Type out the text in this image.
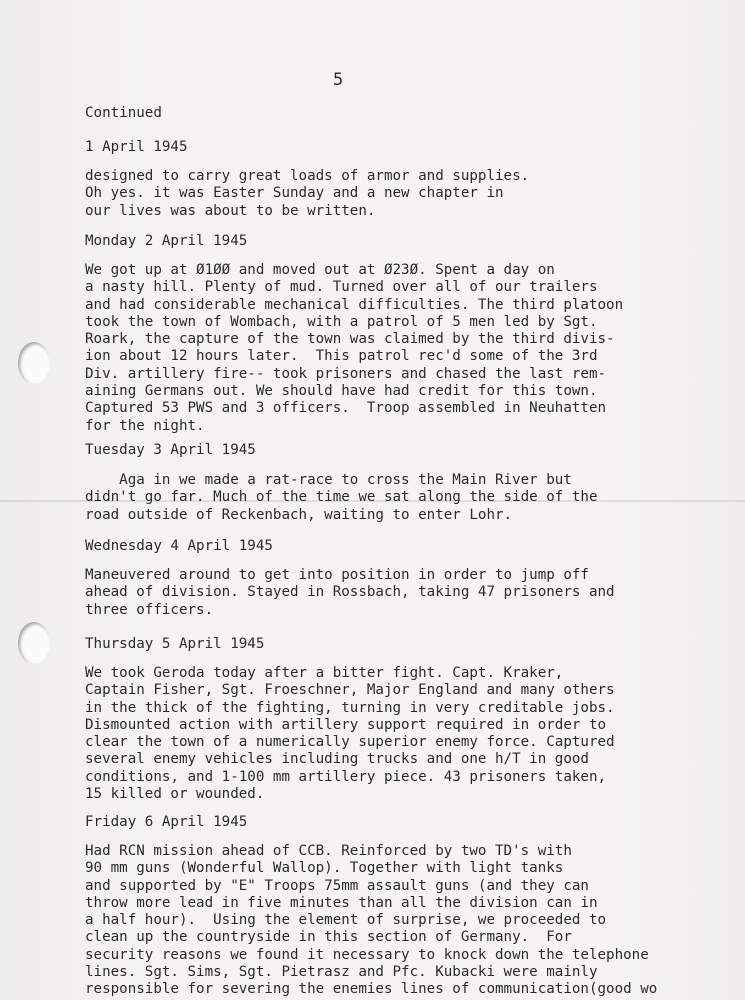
5
Continued
1 April 1945
designed to carry great loads of armor and supplies.
Oh yes. it was Easter Sunday and a new chapter in
our lives was about to be written.
Monday 2 April 1945
We got up at Ø1ØØ and moved out at Ø23Ø. Spent a day on
a nasty hill. Plenty of mud. Turned over all of our trailers
and had considerable mechanical difficulties. The third platoon
took the town of Wombach, with a patrol of 5 men led by Sgt.
Roark, the capture of the town was claimed by the third divis-
ion about 12 hours later.  This patrol rec'd some of the 3rd
Div. artillery fire-- took prisoners and chased the last rem-
aining Germans out. We should have had credit for this town.
Captured 53 PWS and 3 officers.  Troop assembled in Neuhatten
for the night.
Tuesday 3 April 1945
Aga in we made a rat-race to cross the Main River but
didn't go far. Much of the time we sat along the side of the
road outside of Reckenbach, waiting to enter Lohr.
Wednesday 4 April 1945
Maneuvered around to get into position in order to jump off
ahead of division. Stayed in Rossbach, taking 47 prisoners and
three officers.
Thursday 5 April 1945
We took Geroda today after a bitter fight. Capt. Kraker,
Captain Fisher, Sgt. Froeschner, Major England and many others
in the thick of the fighting, turning in very creditable jobs.
Dismounted action with artillery support required in order to
clear the town of a numerically superior enemy force. Captured
several enemy vehicles including trucks and one h/T in good
conditions, and 1-100 mm artillery piece. 43 prisoners taken,
15 killed or wounded.
Friday 6 April 1945
Had RCN mission ahead of CCB. Reinforced by two TD's with
90 mm guns (Wonderful Wallop). Together with light tanks
and supported by "E" Troops 75mm assault guns (and they can
throw more lead in five minutes than all the division can in
a half hour).  Using the element of surprise, we proceeded to
clean up the countryside in this section of Germany.  For
security reasons we found it necessary to knock down the telephone
lines. Sgt. Sims, Sgt. Pietrasz and Pfc. Kubacki were mainly
responsible for severing the enemies lines of communication(good wo
